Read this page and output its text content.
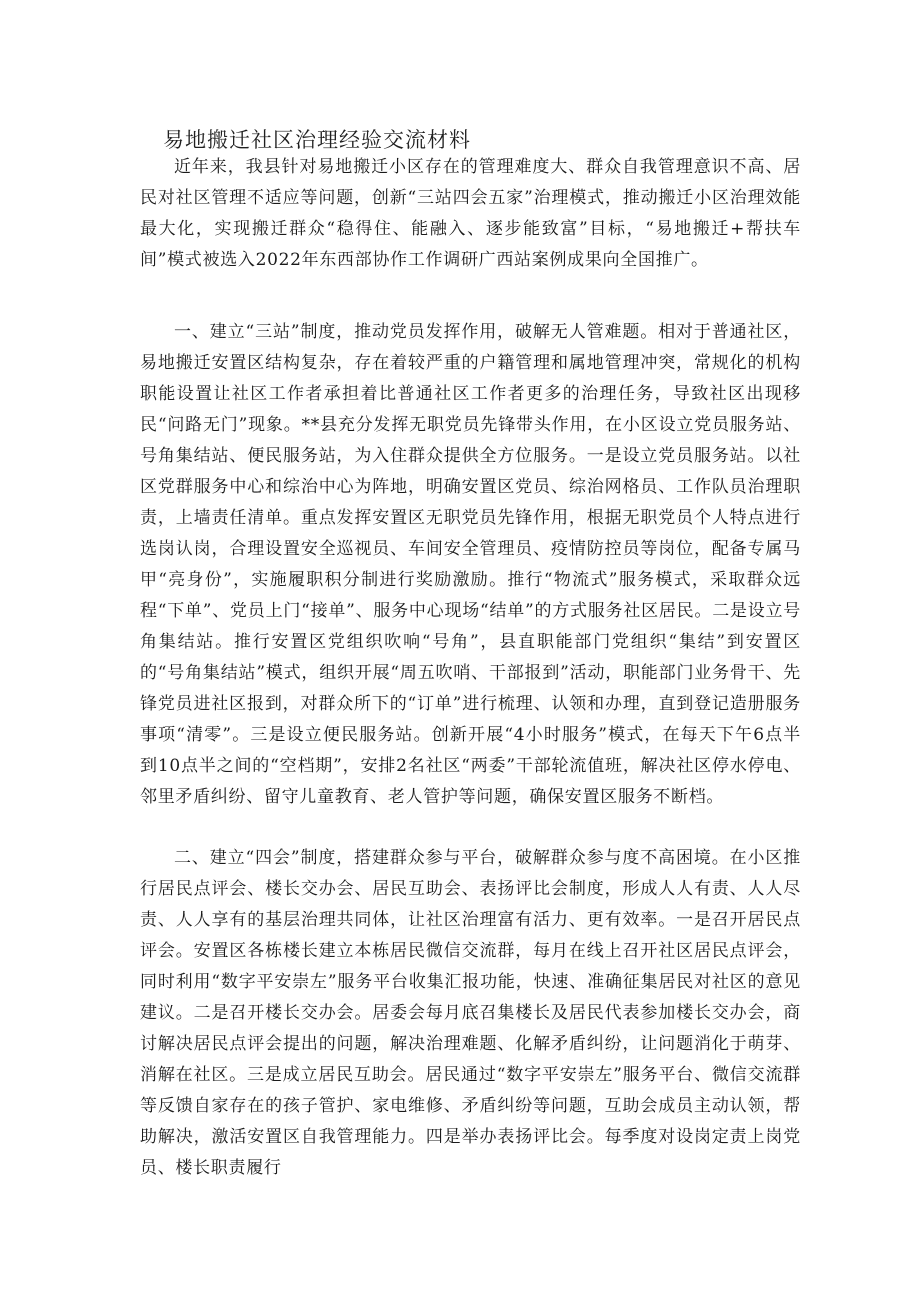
易地搬迁社区治理经验交流材料

近年来，我县针对易地搬迁小区存在的管理难度大、群众自我管理意识不高、居民对社区管理不适应等问题，创新“三站四会五家”治理模式，推动搬迁小区治理效能最大化，实现搬迁群众“稳得住、能融入、逐步能致富”目标，“易地搬迁+帮扶车间”模式被选入2022年东西部协作工作调研广西站案例成果向全国推广。

一、建立“三站”制度，推动党员发挥作用，破解无人管难题。相对于普通社区，易地搬迁安置区结构复杂，存在着较严重的户籍管理和属地管理冲突，常规化的机构职能设置让社区工作者承担着比普通社区工作者更多的治理任务，导致社区出现移民“问路无门”现象。**县充分发挥无职党员先锋带头作用，在小区设立党员服务站、号角集结站、便民服务站，为入住群众提供全方位服务。一是设立党员服务站。以社区党群服务中心和综治中心为阵地，明确安置区党员、综治网格员、工作队员治理职责，上墙责任清单。重点发挥安置区无职党员先锋作用，根据无职党员个人特点进行选岗认岗，合理设置安全巡视员、车间安全管理员、疫情防控员等岗位，配备专属马甲“亮身份”，实施履职积分制进行奖励激励。推行“物流式”服务模式，采取群众远程“下单”、党员上门“接单”、服务中心现场“结单”的方式服务社区居民。二是设立号角集结站。推行安置区党组织吹响“号角”，县直职能部门党组织“集结”到安置区的“号角集结站”模式，组织开展“周五吹哨、干部报到”活动，职能部门业务骨干、先锋党员进社区报到，对群众所下的“订单”进行梳理、认领和办理，直到登记造册服务事项“清零”。三是设立便民服务站。创新开展“4小时服务”模式，在每天下午6点半到10点半之间的“空档期”，安排2名社区“两委”干部轮流值班，解决社区停水停电、邻里矛盾纠纷、留守儿童教育、老人管护等问题，确保安置区服务不断档。

二、建立“四会”制度，搭建群众参与平台，破解群众参与度不高困境。在小区推行居民点评会、楼长交办会、居民互助会、表扬评比会制度，形成人人有责、人人尽责、人人享有的基层治理共同体，让社区治理富有活力、更有效率。一是召开居民点评会。安置区各栋楼长建立本栋居民微信交流群，每月在线上召开社区居民点评会，同时利用“数字平安崇左”服务平台收集汇报功能，快速、准确征集居民对社区的意见建议。二是召开楼长交办会。居委会每月底召集楼长及居民代表参加楼长交办会，商讨解决居民点评会提出的问题，解决治理难题、化解矛盾纠纷，让问题消化于萌芽、消解在社区。三是成立居民互助会。居民通过“数字平安崇左”服务平台、微信交流群等反馈自家存在的孩子管护、家电维修、矛盾纠纷等问题，互助会成员主动认领，帮助解决，激活安置区自我管理能力。四是举办表扬评比会。每季度对设岗定责上岗党员、楼长职责履行
